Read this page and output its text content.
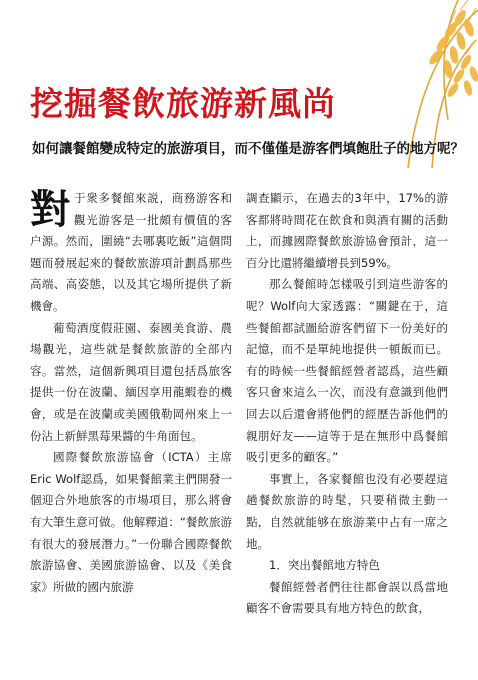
挖掘餐飲旅游新風尚
如何讓餐館變成特定的旅游項目，而不僅僅是游客們填飽肚子的地方呢？

對于衆多餐館來説，商務游客和觀光游客是一批頗有價值的客户源。然而，圍繞“去哪裏吃飯”這個問題而發展起來的餐飲旅游項計劃爲那些高端、高姿態，以及其它場所提供了新機會。

葡萄酒度假莊園、泰國美食游、農場觀光，這些就是餐飲旅游的全部内容。當然，這個新興項目還包括爲旅客提供一份在波蘭、緬因享用龍蝦卷的機會，或是在波蘭或美國俄勒岡州來上一份沾上新鮮黑莓果醬的牛角面包。

國際餐飲旅游協會（ICTA）主席Eric Wolf認爲，如果餐館業主們開發一個迎合外地旅客的市場項目，那么將會有大筆生意可做。他解釋道：“餐飲旅游有很大的發展潛力。”一份聯合國際餐飲旅游協會、美國旅游協會、以及《美食家》所做的國内旅游

調查顯示，在過去的3年中，17%的游客都將時間花在飲食和與酒有關的活動上，而據國際餐飲旅游協會預計，這一百分比還將繼續增長到59%。

那么餐館時怎樣吸引到這些游客的呢？Wolf向大家透露：“關鍵在于，這些餐館都試圖給游客們留下一份美好的記憶，而不是單純地提供一頓飯而已。有的時候一些餐館經營者認爲，這些顧客只會來這么一次，而没有意識到他們回去以后還會將他們的經歷告訴他們的親朋好友——這等于是在無形中爲餐館吸引更多的顧客。”

事實上，各家餐館也没有必要趕這趟餐飲旅游的時髦，只要稍微主動一點，自然就能够在旅游業中占有一席之地。

1．突出餐館地方特色

餐館經營者們往往都會誤以爲當地顧客不會需要具有地方特色的飲食，
